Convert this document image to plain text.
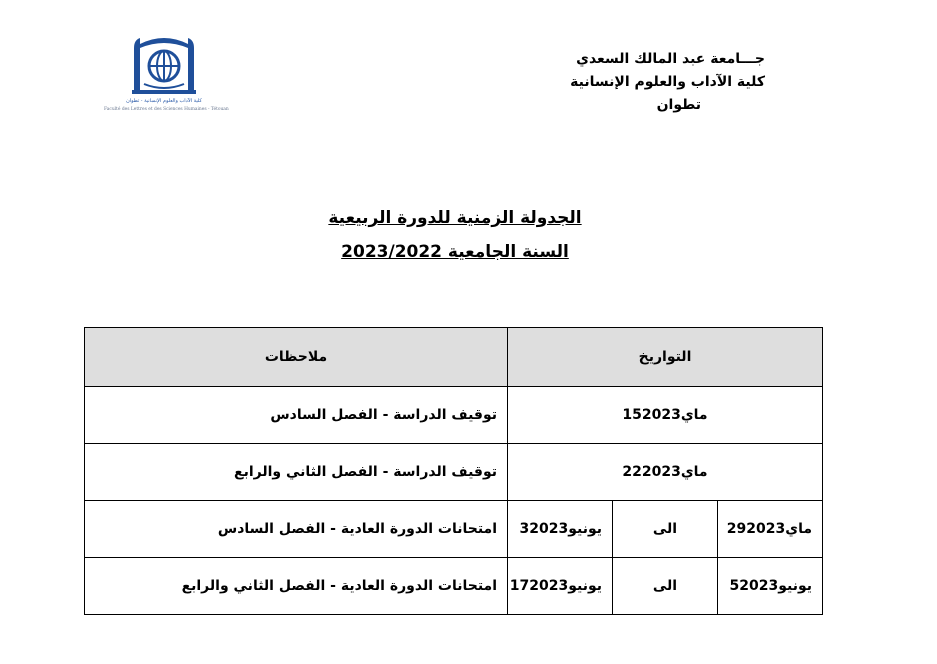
كلية الآداب والعلوم الإنسانية - تطوان
Faculté des Lettres et des Sciences Humaines - Tétouan
جـــامعة عبد المالك السعدي
كلية الآداب والعلوم الإنسانية
تطوان
الجدولة الزمنية للدورة الربيعية
السنة الجامعية 2023/2022
التواريخ			ملاحظات
15ماي2023			توقيف الدراسة - الفصل السادس
22ماي2023			توقيف الدراسة - الفصل الثاني والرابع
29ماي2023	الى	3يونيو2023	امتحانات الدورة العادية - الفصل السادس
5يونيو2023	الى	17يونيو2023	امتحانات الدورة العادية - الفصل الثاني والرابع
